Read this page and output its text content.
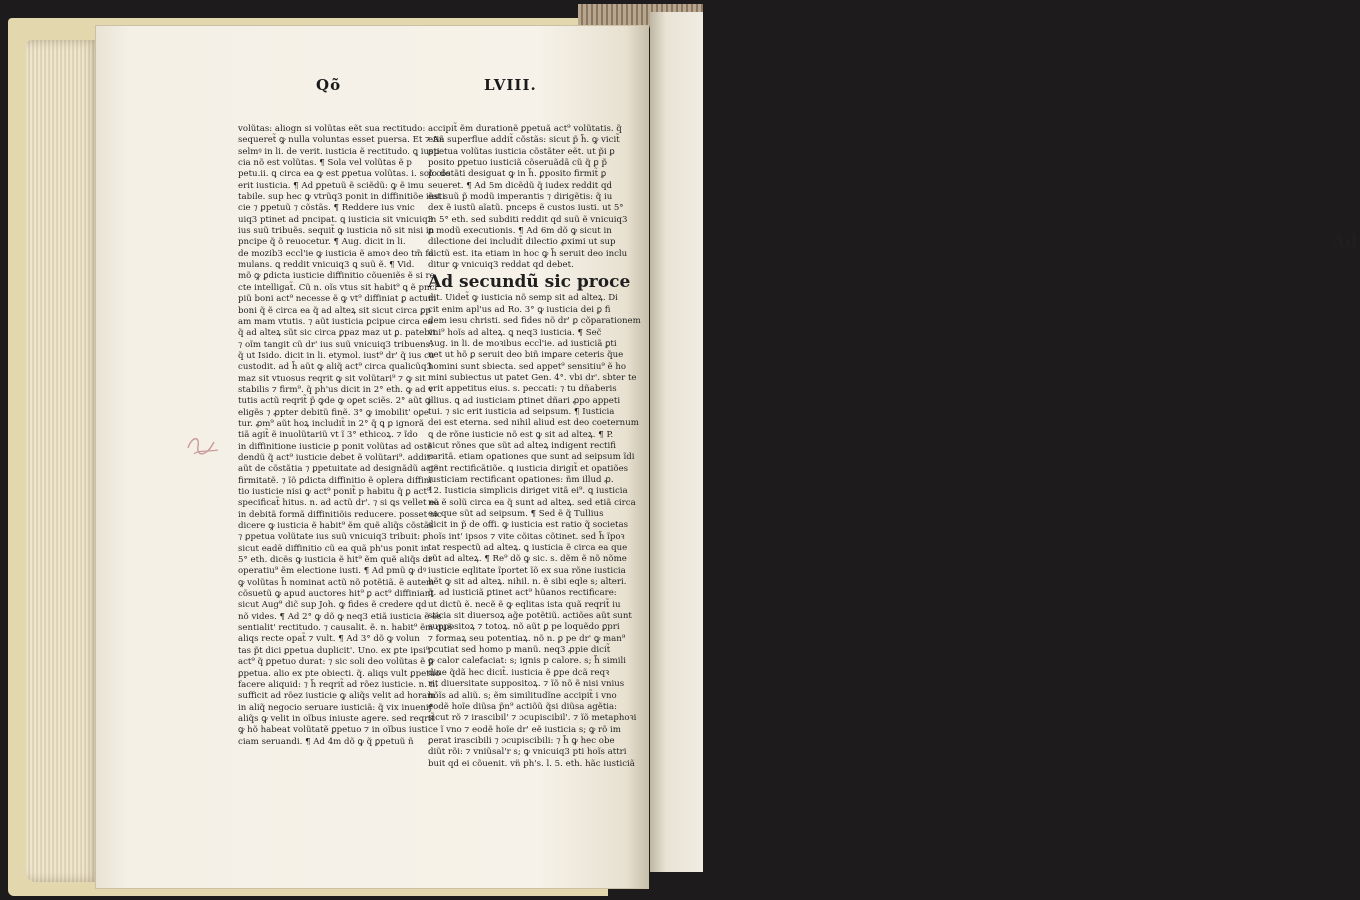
appell
iustici
one p
re ea
solitar
Ad 4
tatẽ
sicipl
ex cõ
solitar
Ad
tur. V
c'e p
cõr
offici
nõ ẽ
ñ mu
ad ips
Ad
ñnm
Cũ
tẽ mi
ñ ter
Ali
Bre
nũgu
indiffi
est de
Ad
ad s
ad
ẽ i
al
A
ẽ
q
co
Qõ	LVIII.
volũtas: aliogn si volũtas eẽt sua rectitudo:
sequeret̃ ꝙ nulla voluntas esset puersa. Et ⁊ An
selmꝰ in li. de verit. iusticia ẽ rectitudo. ꝗ iusti
cia nõ est volũtas. ¶ Sola vel volũtas ẽ p
petu.ii. ꝗ circa ea ꝙ est ꝑpetua volũtas. i. solo do
erit iusticia. ¶ Ad ꝑpetuũ ẽ sciẽdũ: ꝙ ẽ imu
tabile. sup hec ꝙ vtrũq3 ponit in diffinitiõe iusti
cie ⁊ ꝑpetuũ ⁊ cõstãs. ¶ Reddere ius vnic
uiq3 ptinet ad pncipat. ꝗ iusticia sit vnicuiq3
ius suũ tribuẽs. sequit̃ ꝙ iusticia nõ sit nisi in
pncipe q̃ õ reuocetur. ¶ Aug. dicit in li.
de mozib3 eccl'ie ꝙ iusticia ẽ amoꝛ deo tm̃ fa
mulans. ꝗ reddit vnicuiq3 ꝗ suũ ẽ. ¶ Vid.
mõ ꝙ ꝑdicta iusticie diffinitio cõueniẽs ẽ si re
cte intelligat̃. Cũ n. oĩs vtus sit habit⁹ ꝗ ẽ pnci
piũ boni act⁹ necesse ẽ ꝙ vt⁹ diffiniat ꝑ actum
boni q̃ ẽ circa ea q̃ ad alteꝝ sit sicut circa ꝑp
am mam vtutis. ⁊ aũt iusticia ꝑcipue circa ea
q̃ ad alteꝝ sũt sic circa ꝑpaz maz ut ꝑ. patebit
⁊ oĩm tangit cũ dr' ius suũ vnicuiq3 tribuens:
q̃ ut Isido. dicit in li. etymol. iust⁹ dr' q̃ ius cu
custodit. ad h̃ aũt ꝙ aliq̃ act⁹ circa qualicũq3
maz sit vtuosus reqrit ꝙ sit volũtari⁹ ⁊ ꝙ sit
stabilis ⁊ firm⁹. q̃ ph'us dicit in 2° eth. ꝙ ad v
tutis actũ reqrit̃ p̃ ꝙde ꝙ oꝑet sciẽs. 2° aũt ꝙ
eligẽs ⁊ ꝓpter debitũ finẽ. 3° ꝙ imobilit' oꝑe
tur. ꝓm⁹ aũt hoꝝ includit̃ in 2° q̃ ꝗ ꝑ ignorã
tiã agit̃ ẽ inuolũtariũ vt ĩ 3° ethicoꝝ. ⁊ ĩdo
in diffinitione iusticie ꝑ ponit volũtas ad ostẽ
dendũ q̃ act⁹ iusticie debet ẽ volũtari⁹. additꝰ
aũt de cõstãtia ⁊ ꝑpetuitate ad designãdũ act⁹
firmitatẽ. ⁊ ĩõ ꝑdicta diffinitio ẽ oplera diffini
tio iusticie nisi ꝙ act⁹ ponit̃ p habitu q̃ ꝑ act⁹
specificat̃ hitus. n. ad actũ dr'. ⁊ si ꝗs vellet ea
in debitã formã diffinitiõis reducere. posset sic
dicere ꝙ iusticia ẽ habit⁹ ẽm quẽ aliq̃s cõstãs
⁊ ꝑpetua volũtate ius suũ vnicuiq3 tribuit: ꝑ
sicut eadẽ diffinitio cũ ea quã ph'us ponit in
5° eth. dicẽs ꝙ iusticia ẽ hit⁹ ẽm quẽ aliq̃s dr'
operatiu⁹ ẽm electione iusti. ¶ Ad pmũ ꝙ dꝰ
ꝙ volũtas h̃ nominat actũ nõ potẽtiã. ẽ autem
cõsuetũ ꝙ apud auctores hit⁹ ꝑ act⁹ diffiniant
sicut Aug⁹ dic̃ sup Joh. ꝙ fides ẽ credere qd
nõ vides. ¶ Ad 2° ꝙ dõ ꝙ neq3 etiã iusticia ẽ es
sentialit' rectitudo. ⁊ causalit. ẽ. n. habit⁹ ẽm quẽ
aliqs recte opat̃ ⁊ vult. ¶ Ad 3° dõ ꝙ volun
tas p̃t dici ꝑpetua duplicit'. Uno. ex ꝑte ipsi⁹
act⁹ q̃ ꝑpetuo durat: ⁊ sic soli deo volũtas ẽ p
ꝑpetua. alio ex pte obiecti. q̃. aliqs vult ꝑpetuo
facere aliquid: ⁊ h̃ reqrit̃ ad rõez iusticie. n. n.
sufficit ad rõez iusticie ꝙ aliq̃s velit ad horam
in aliq̃ negocio seruare iusticiã: q̃ vix inueniꝭ
aliq̃s ꝙ velit in oĩbus iniuste agere. sed reqrit̃
ꝙ hõ habeat volũtatẽ ꝑpetuo ⁊ in oĩbus iusti
ciam seruandi. ¶ Ad 4m dõ ꝙ q̃ ꝑpetuũ ñ
accipit̃ ẽm durationẽ ꝑpetuã act⁹ volũtatis. q̃
etiã superflue addit̃ cõstãs: sicut p̃ h̃. ꝙ vicit̃
ꝑpetua volũtas iusticia cõstãter eẽt. ut p̃i ꝑ
posito ꝑpetuo iusticiã cõseruãdã cũ q̃ ꝑ p̃
p̃ cõstãti desiguat ꝙ in h̃. ꝑposito firmit̃ ꝑ
seueret. ¶ Ad 5m dicẽdũ q̃ iudex reddit qd
ẽst suũ p̃ modũ imperantis ⁊ dirigẽtis: q̃ iu
dex ẽ iustũ aĩatũ. pnceps ẽ custos iusti. ut 5°
in 5° eth. sed subditi reddit qd suũ ẽ vnicuiq3
ꝑ modũ executionis. ¶ Ad 6m dõ ꝙ sicut in
dilectione dei includit̃ dilectio ꝓximi ut sup
dictũ est. ita etiam in hoc ꝙ h̃ seruit deo inclu
ditur ꝙ vnicuiq3 reddat qd debet.
Ad secundũ sic proce
dit. Uidet̃ ꝙ iusticia nõ semp sit ad alteꝝ. Di
cit enim apl'us ad Ro. 3° ꝙ iusticia dei ꝑ fi
dem iesu christi. sed fides nõ dr' ꝑ cõparationem
vni⁹ hoĩs ad alteꝝ. ꝗ neq3 iusticia. ¶ Sec̃
Aug. in li. de moꝛibus eccl'ie. ad iusticiã ꝑti
net ut hõ ꝑ seruit deo biñ imꝑare ceteris q̃ue
homini sunt sbiecta. sed appet⁹ sensitiu⁹ ẽ ho
mini subiectus ut patet Gen. 4°. vbi dr'. sbter te
erit appetitus eius. s. peccati: ⁊ tu dñaberis
illius. ꝗ ad iusticiam ꝑtinet dñari ꝓpo appeti
tui. ⁊ sic erit iusticia ad seipsum. ¶ Iusticia
dei est eterna. sed nihil aliud est deo coeternum
ꝗ de rõne iusticie nõ est ꝙ sit ad alteꝝ. ¶ P.
sicut rõnes que sũt ad alteꝝ indigent rectifi
caritã. etiam oꝑationes que sunt ad seipsum ĩdi
gent rectificãtiõe. ꝗ iusticia dirigit̃ et opatiões
iusticiam rectificant oꝑationes: ñm illud ꝓ.
12. Iusticia simplicis diriget vitã ei⁹. ꝗ iusticia
nõ ẽ solũ circa ea q̃ sunt ad alteꝝ. sed etiã circa
ea que sũt ad seipsum. ¶ Sed ẽ q̃ Tullius
dicit in p̃ de offi. ꝙ iusticia est ratio q̃ societas
hoĩs int' ipsos ⁊ vite cõitas cõtinet. sed h̃ ĩpoꝛ
tat respectũ ad alteꝝ. ꝗ iusticia ẽ circa ea que
sũt ad alteꝝ. ¶ Re⁹ dõ ꝙ sic. s. dẽm ẽ nõ nõme
iusticie eqlitate ĩportet ĩõ ex sua rõne iusticia
hẽt ꝙ sit ad alteꝝ. nihil. n. ẽ sibi eqle s; alteri.
q̃. ad iusticiã ꝑtinet act⁹ hũanos rectificare:
ut dictũ ẽ. necẽ ẽ ꝙ eqlitas ista quã reqrit̃ iu
sticia sit diuersoꝝ ag̃e potẽtiũ. actiões aũt sunt
suppositoꝝ ⁊ totoꝝ. nõ aũt ꝑ pe loquẽdo ꝑpri
⁊ formaꝝ seu potentiaꝝ. nõ n. ꝑ pe dr' ꝙ man⁹
ꝑcutiat sed homo p manũ. neq3 ꝓpie dicit̃
ꝙ calor calefaciat: s; ignis p calore. s; h̃ simili
dine q̃dã hec dicit̃. iusticia ẽ ꝑpe dcã reqꝛ
rit diuersitate suppositoꝝ. ⁊ ĩõ nõ ẽ nisi vnius
hõĩs ad aliũ. s; ẽm similitudĩne accipit̃ i vno
eodẽ hoĩe diũsa p̃n⁹ actiõũ q̃si diũsa agẽtia:
sicut rõ ⁊ irascibil' ⁊ ɔcupiscibil'. ⁊ ĩõ metaphoꝛi
ce ĩ vno ⁊ eodẽ hoĩe dr' eẽ iusticia s; ꝙ rõ im
ꝑerat irascibili ⁊ ɔcupiscibili: ⁊ h̃ ꝙ hec obe
diũt rõi: ⁊ vniũsal'r s; ꝙ vnicuiq3 pti hoĩs attri
buit qd ei cõuenit. vn̈ ph's. l. 5. eth. hãc iusticiã
